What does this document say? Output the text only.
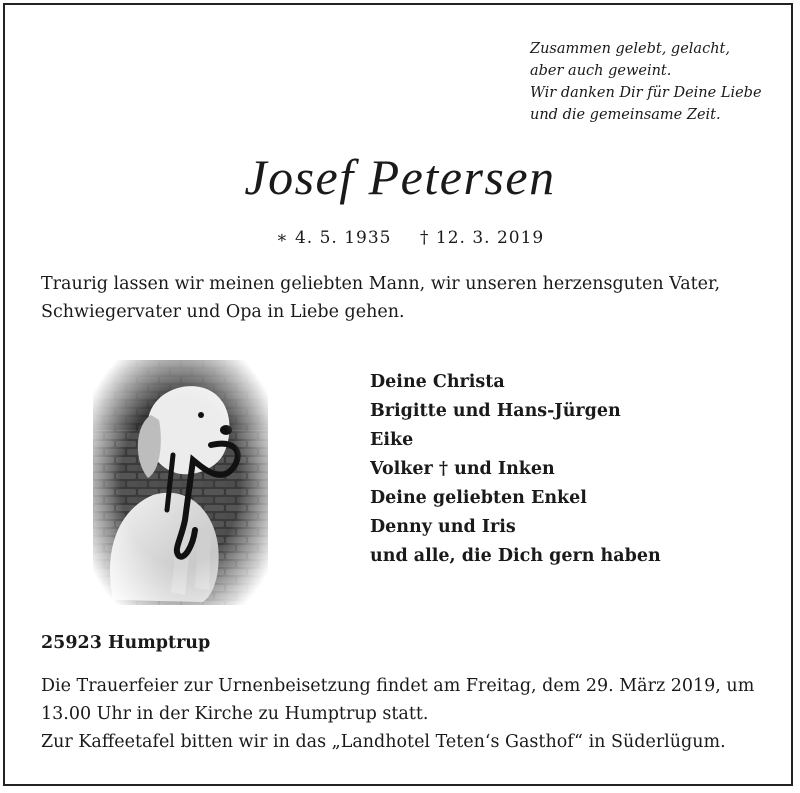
Zusammen gelebt, gelacht,
aber auch geweint.
Wir danken Dir für Deine Liebe
und die gemeinsame Zeit.
Josef Petersen
∗ 4. 5. 1935 † 12. 3. 2019
Traurig lassen wir meinen geliebten Mann, wir unseren herzensguten Vater,
Schwiegervater und Opa in Liebe gehen.
Deine Christa
Brigitte und Hans-Jürgen
Eike
Volker † und Inken
Deine geliebten Enkel
Denny und Iris
und alle, die Dich gern haben
25923 Humptrup
Die Trauerfeier zur Urnenbeisetzung findet am Freitag, dem 29. März 2019, um
13.00 Uhr in der Kirche zu Humptrup statt.
Zur Kaffeetafel bitten wir in das „Landhotel Teten‘s Gasthof“ in Süderlügum.
